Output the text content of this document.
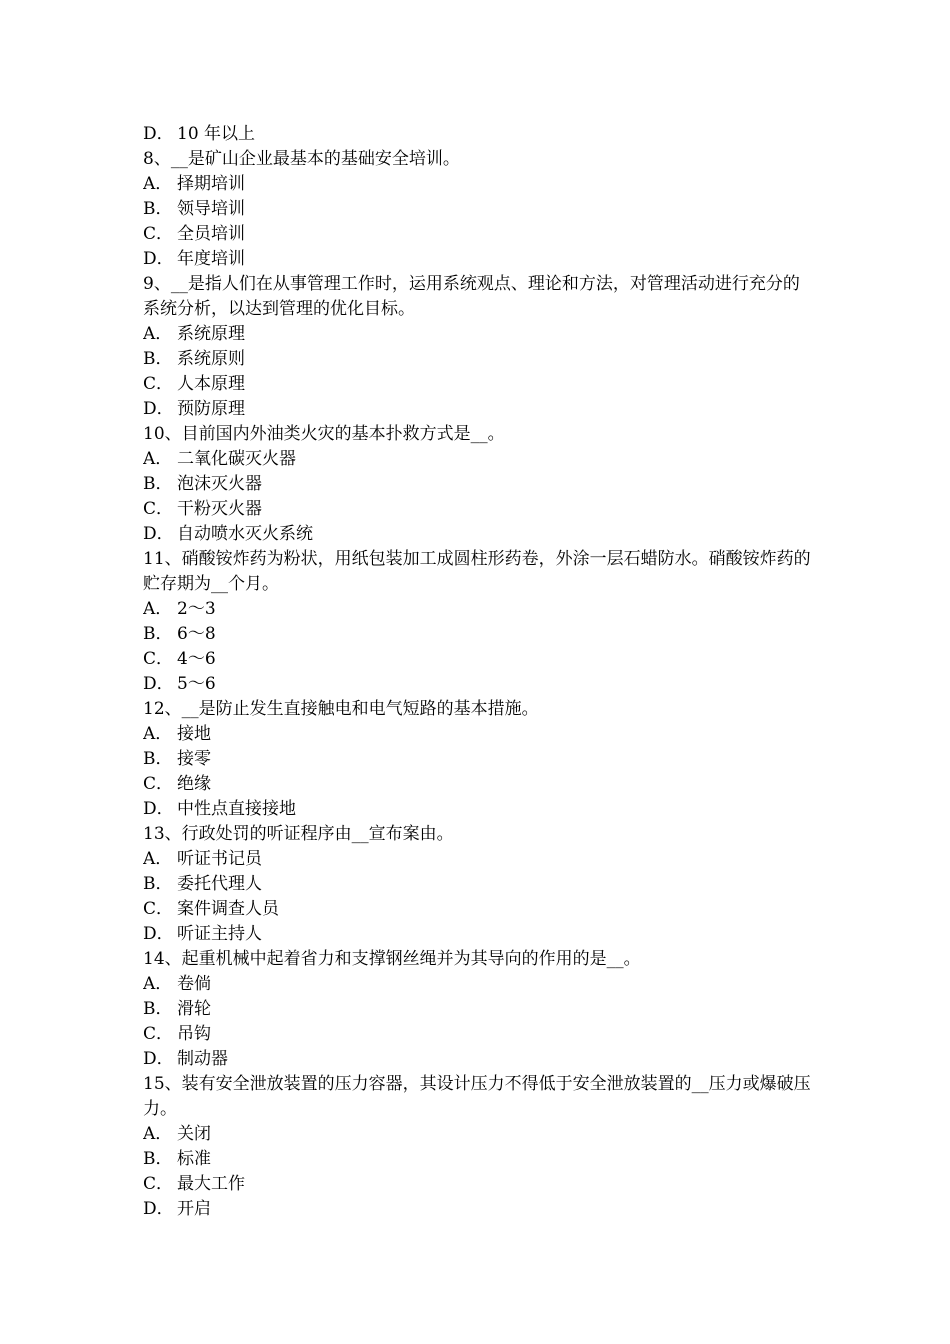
D． 10 年以上
8、__是矿山企业最基本的基础安全培训。
A． 择期培训
B． 领导培训
C． 全员培训
D． 年度培训
9、__是指人们在从事管理工作时，运用系统观点、理论和方法，对管理活动进行充分的系统分析，以达到管理的优化目标。
A． 系统原理
B． 系统原则
C． 人本原理
D． 预防原理
10、目前国内外油类火灾的基本扑救方式是__。
A． 二氧化碳灭火器
B． 泡沫灭火器
C． 干粉灭火器
D． 自动喷水灭火系统
11、硝酸铵炸药为粉状，用纸包装加工成圆柱形药卷，外涂一层石蜡防水。硝酸铵炸药的贮存期为__个月。
A． 2～3
B． 6～8
C． 4～6
D． 5～6
12、__是防止发生直接触电和电气短路的基本措施。
A． 接地
B． 接零
C． 绝缘
D． 中性点直接接地
13、行政处罚的听证程序由__宣布案由。
A． 听证书记员
B． 委托代理人
C． 案件调查人员
D． 听证主持人
14、起重机械中起着省力和支撑钢丝绳并为其导向的作用的是__。
A． 卷倘
B． 滑轮
C． 吊钩
D． 制动器
15、装有安全泄放装置的压力容器，其设计压力不得低于安全泄放装置的__压力或爆破压力。
A． 关闭
B． 标准
C． 最大工作
D． 开启
